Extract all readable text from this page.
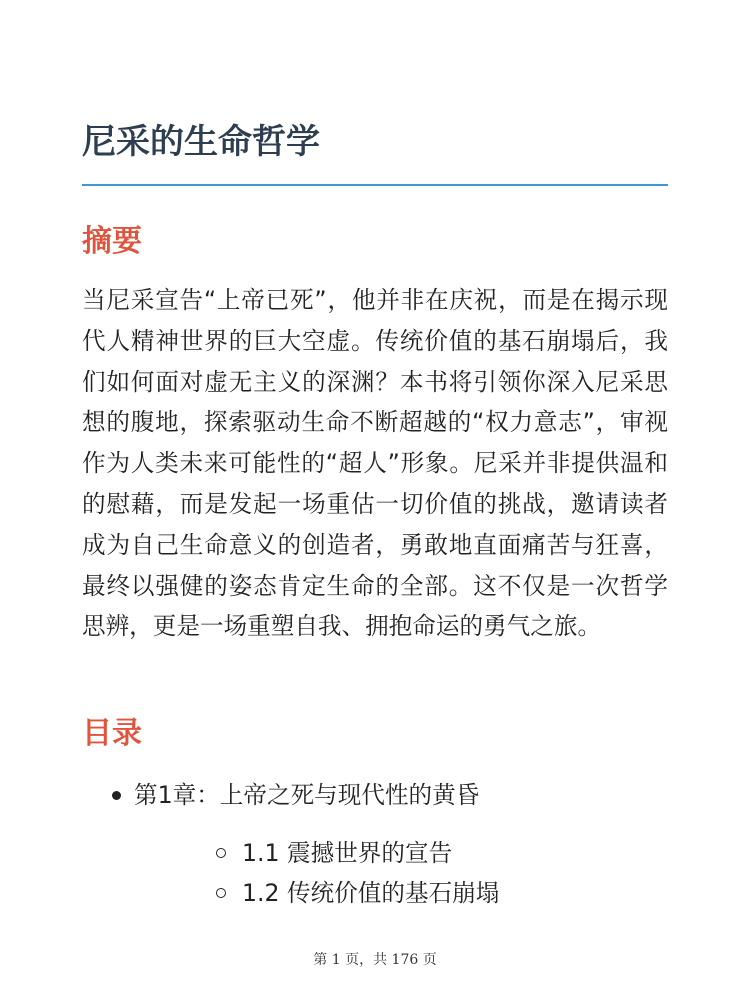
尼采的生命哲学
摘要

当尼采宣告“上帝已死”，他并非在庆祝，而是在揭示现代人精神世界的巨大空虚。传统价值的基石崩塌后，我们如何面对虚无主义的深渊？本书将引领你深入尼采思想的腹地，探索驱动生命不断超越的“权力意志”，审视作为人类未来可能性的“超人”形象。尼采并非提供温和的慰藉，而是发起一场重估一切价值的挑战，邀请读者成为自己生命意义的创造者，勇敢地直面痛苦与狂喜，最终以强健的姿态肯定生命的全部。这不仅是一次哲学思辨，更是一场重塑自我、拥抱命运的勇气之旅。

目录
第1章：上帝之死与现代性的黄昏
1.1 震撼世界的宣告
1.2 传统价值的基石崩塌
第 1 页，共 176 页
